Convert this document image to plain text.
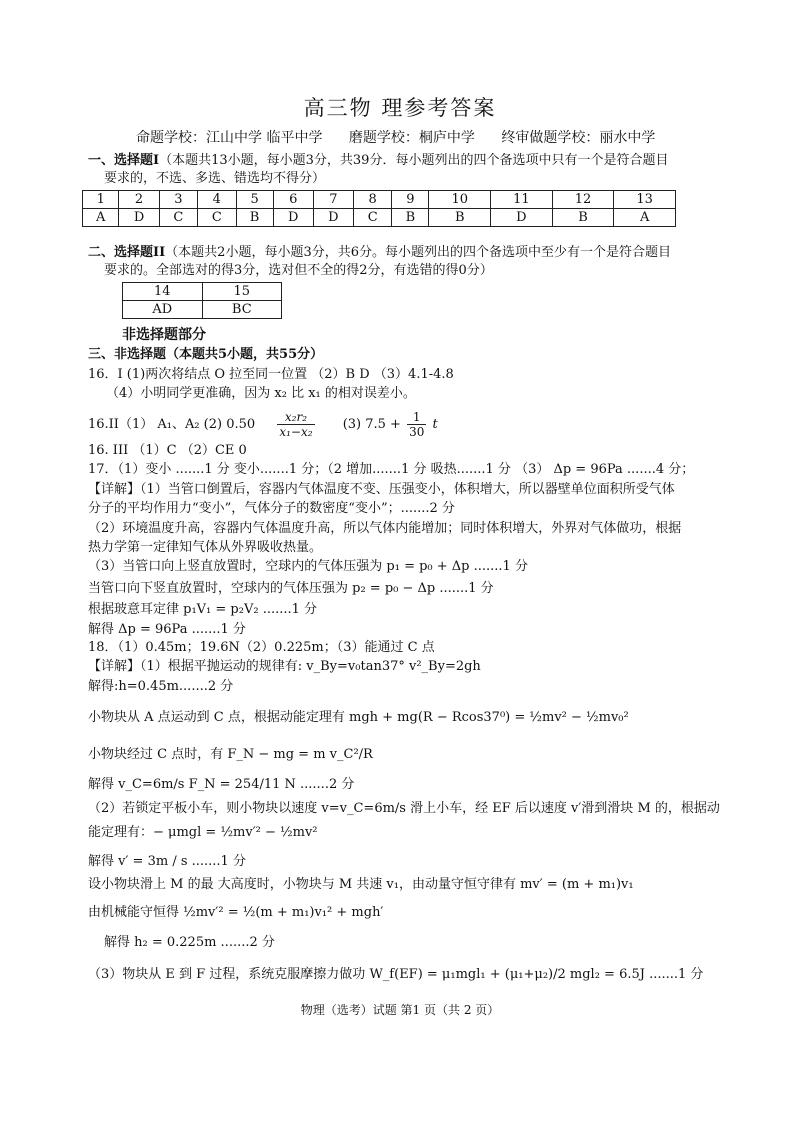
高三物 理参考答案
命题学校：江山中学 临平中学 磨题学校：桐庐中学 终审做题学校：丽水中学
一、选择题I（本题共13小题，每小题3分，共39分．每小题列出的四个备选项中只有一个是符合题目
要求的，不选、多选、错选均不得分）
1	2	3	4	5	6	7	8	9	10	11	12	13
A	D	C	C	B	D	D	C	B	B	D	B	A
二、选择题II（本题共2小题，每小题3分，共6分。每小题列出的四个备选项中至少有一个是符合题目
要求的。全部选对的得3分，选对但不全的得2分，有选错的得0分）
14	15
AD	BC
非选择题部分
三、非选择题（本题共5小题，共55分）
16．I (1)两次将结点 O 拉至同一位置 （2）B D （3）4.1-4.8
（4）小明同学更准确，因为 x₂ 比 x₁ 的相对误差小。
16.II（1） A₁、A₂ (2) $0.50 \frac{\text{x₂r₂}}{\text{x₁−x₂}} (3) 7.5 + \frac{1}{30}$ t
16. III （1）C （2）CE 0
17．（1）变小 .......1 分 变小.......1 分；（2 增加.......1 分 吸热.......1 分 （3） Δp = 96Pa .......4 分；
【详解】（1）当管口倒置后，容器内气体温度不变、压强变小，体积增大，所以器壁单位面积所受气体
分子的平均作用力“变小”，气体分子的数密度“变小”；.......2 分
（2）环境温度升高，容器内气体温度升高，所以气体内能增加；同时体积增大，外界对气体做功，根据
热力学第一定律知气体从外界吸收热量。
（3）当管口向上竖直放置时，空球内的气体压强为 p₁ = p₀ + Δp .......1 分
当管口向下竖直放置时，空球内的气体压强为 p₂ = p₀ − Δp .......1 分
根据玻意耳定律 p₁V₁ = p₂V₂ .......1 分
解得 Δp = 96Pa .......1 分
18．（1）0.45m；19.6N（2）0.225m；（3）能通过 C 点
【详解】（1）根据平抛运动的规律有: v_By=v₀tan37° v²_By=2gh
解得:h=0.45m.......2 分
小物块从 A 点运动到 C 点，根据动能定理有 mgh + mg(R − Rcos37⁰) = ½mv² − ½mv₀²
小物块经过 C 点时，有 F_N − mg = m v_C²/R
解得 v_C=6m/s F_N = 254/11 N .......2 分
（2）若锁定平板小车，则小物块以速度 v=v_C=6m/s 滑上小车，经 EF 后以速度 v′滑到滑块 M 的，根据动
能定理有：− μmgl = ½mv′² − ½mv²
解得 v′ = 3m / s .......1 分
设小物块滑上 M 的最 大高度时，小物块与 M 共速 v₁，由动量守恒守律有 mv′ = (m + m₁)v₁
由机械能守恒得 ½mv′² = ½(m + m₁)v₁² + mgh′
解得 h₂ = 0.225m .......2 分
（3）物块从 E 到 F 过程，系统克服摩擦力做功 W_f(EF) = μ₁mgl₁ + (μ₁+μ₂)/2 mgl₂ = 6.5J .......1 分
物理（选考）试题 第1 页（共 2 页）
